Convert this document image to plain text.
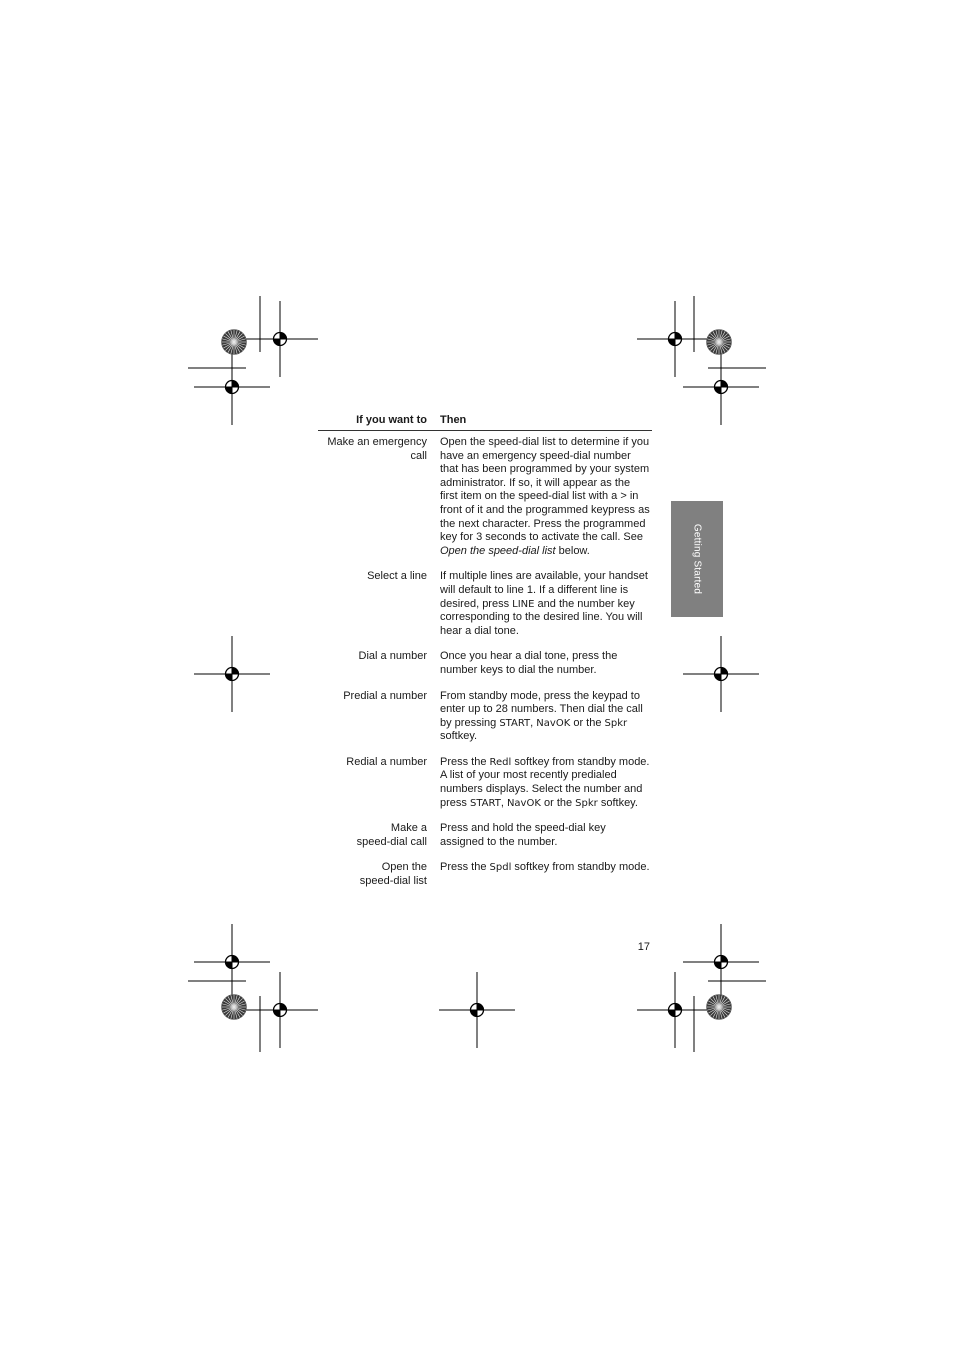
If you want to Then
Make an emergency
call
Open the speed-dial list to determine if you have an emergency speed-dial number that has been programmed by your system administrator. If so, it will appear as the first item on the speed-dial list with a > in front of it and the programmed keypress as the next character. Press the programmed key for 3 seconds to activate the call. See Open the speed-dial list below.
Select a line If multiple lines are available, your handset will default to line 1. If a different line is desired, press LINE and the number key corresponding to the desired line. You will hear a dial tone.
Dial a number Once you hear a dial tone, press the number keys to dial the number.
Predial a number From standby mode, press the keypad to enter up to 28 numbers. Then dial the call by pressing START, NavOK or the Spkr softkey.
Redial a number Press the Redl softkey from standby mode. A list of your most recently predialed numbers displays. Select the number and press START, NavOK or the Spkr softkey.
Make a
speed-dial call
Press and hold the speed-dial key assigned to the number.
Open the
speed-dial list
Press the Spdl softkey from standby mode.
Getting Started
17
